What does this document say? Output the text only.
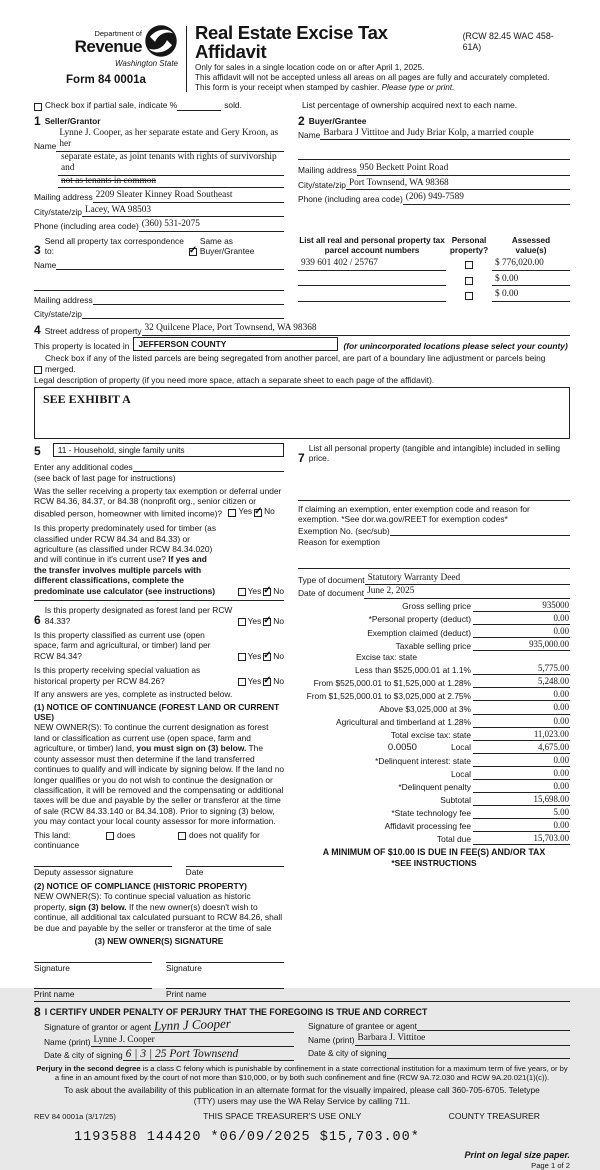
Department of
Revenue
Washington State
Form 84 0001a
Real Estate Excise Tax Affidavit
(RCW 82.45 WAC 458-61A)
Only for sales in a single location code on or after April 1, 2025.
This affidavit will not be accepted unless all areas on all pages are fully and accurately completed.
This form is your receipt when stamped by cashier. Please type or print.
Check box if partial sale, indicate %	sold.	List percentage of ownership acquired next to each name.
1 Seller/Grantor
Name
Lynne J. Cooper, as her separate estate and Gery Kroon, as her
separate estate, as joint tenants with rights of survivorship and
not as tenants in common
Mailing address 2209 Sleater Kinney Road Southeast
City/state/zip Lacey, WA 98503
Phone (including area code) (360) 531-2075
2 Buyer/Grantee
Name Barbara J Vittitoe and Judy Briar Kolp, a married couple
Mailing address 950 Beckett Point Road
City/state/zip Port Townsend, WA 98368
Phone (including area code) (206) 949-7589
3
Send all property tax correspondence to:
✓
Same as Buyer/Grantee
Name
Mailing address
City/state/zip
List all real and personal property tax
parcel account numbers
Personal
property?
Assessed
value(s)
939 601 402 / 25767	$ 776,020.00
$ 0.00
$ 0.00
4 Street address of property 32 Quilcene Place, Port Townsend, WA 98368
This property is located in	JEFFERSON COUNTY	(for unincorporated locations please select your county)
Check box if any of the listed parcels are being segregated from another parcel, are part of a boundary line adjustment or parcels being merged.
Legal description of property (if you need more space, attach a separate sheet to each page of the affidavit).
SEE EXHIBIT A
5	11 - Household, single family units
Enter any additional codes
(see back of last page for instructions)
Was the seller receiving a property tax exemption or deferral under RCW 84.36, 84.37, or 84.38 (nonprofit org., senior citizen or disabled person, homeowner with limited income)? Yes ✓ No
Is this property predominately used for timber (as classified under RCW 84.34 and 84.33) or agriculture (as classified under RCW 84.34.020) and will continue in it's current use? If yes and the transfer involves multiple parcels with different classifications, complete the predominate use calculator (see instructions)	Yes ✓ No
6
Is this property designated as forest land per RCW 84.33?	Yes ✓ No
Is this property classified as current use (open space, farm and agricultural, or timber) land per RCW 84.34?	Yes ✓ No
Is this property receiving special valuation as historical property per RCW 84.26?	Yes ✓ No
If any answers are yes, complete as instructed below.
(1) NOTICE OF CONTINUANCE (FOREST LAND OR CURRENT USE)
NEW OWNER(S): To continue the current designation as forest land or classification as current use (open space, farm and agriculture, or timber) land, you must sign on (3) below. The county assessor must then determine if the land transferred continues to qualify and will indicate by signing below. If the land no longer qualifies or you do not wish to continue the designation or classification, it will be removed and the compensating or additional taxes will be due and payable by the seller or transferor at the time of sale (RCW 84.33.140 or 84.34.108). Prior to signing (3) below, you may contact your local county assessor for more information.
This land:	does	does not qualify for
continuance
Deputy assessor signature	Date
(2) NOTICE OF COMPLIANCE (HISTORIC PROPERTY)
NEW OWNER(S): To continue special valuation as historic property, sign (3) below. If the new owner(s) doesn't wish to continue, all additional tax calculated pursuant to RCW 84.26, shall be due and payable by the seller or transferor at the time of sale
(3) NEW OWNER(S) SIGNATURE
Signature	Signature
Print name	Print name
7
List all personal property (tangible and intangible) included in selling price.
If claiming an exemption, enter exemption code and reason for exemption. *See dor.wa.gov/REET for exemption codes*
Exemption No. (sec/sub)
Reason for exemption
Type of document Statutory Warranty Deed
Date of document June 2, 2025
Gross selling price	935000
*Personal property (deduct)	0.00
Exemption claimed (deduct)	0.00
Taxable selling price	935,000.00
Excise tax: state
Less than $525,000.01 at 1.1%	5,775.00
From $525,000.01 to $1,525,000 at 1.28%	5,248.00
From $1,525,000.01 to $3,025,000 at 2.75%	0.00
Above $3,025,000 at 3%	0.00
Agricultural and timberland at 1.28%	0.00
Total excise tax: state	11,023.00
0.0050	Local	4,675.00
*Delinquent interest: state	0.00
Local	0.00
*Delinquent penalty	0.00
Subtotal	15,698.00
*State technology fee	5.00
Affidavit processing fee	0.00
Total due	15,703.00
A MINIMUM OF $10.00 IS DUE IN FEE(S) AND/OR TAX
*SEE INSTRUCTIONS
8 I CERTIFY UNDER PENALTY OF PERJURY THAT THE FOREGOING IS TRUE AND CORRECT
Signature of grantor or agent Lynn J Cooper
Name (print) Lynne J. Cooper
Date & city of signing 6 | 3 | 25 Port Townsend
Signature of grantee or agent
Name (print) Barbara J. Vittitoe
Date & city of signing
Perjury in the second degree is a class C felony which is punishable by confinement in a state correctional institution for a maximum term of five years, or by a fine in an amount fixed by the court of not more than $10,000, or by both such confinement and fine (RCW 9A.72.030 and RCW 9A.20.021(1)(c)).
To ask about the availability of this publication in an alternate format for the visually impaired, please call 360-705-6705. Teletype (TTY) users may use the WA Relay Service by calling 711.
REV 84 0001a (3/17/25)	THIS SPACE TREASURER'S USE ONLY	COUNTY TREASURER
1193588 144420 *06/09/2025 $15,703.00*
Print on legal size paper.
Page 1 of 2
